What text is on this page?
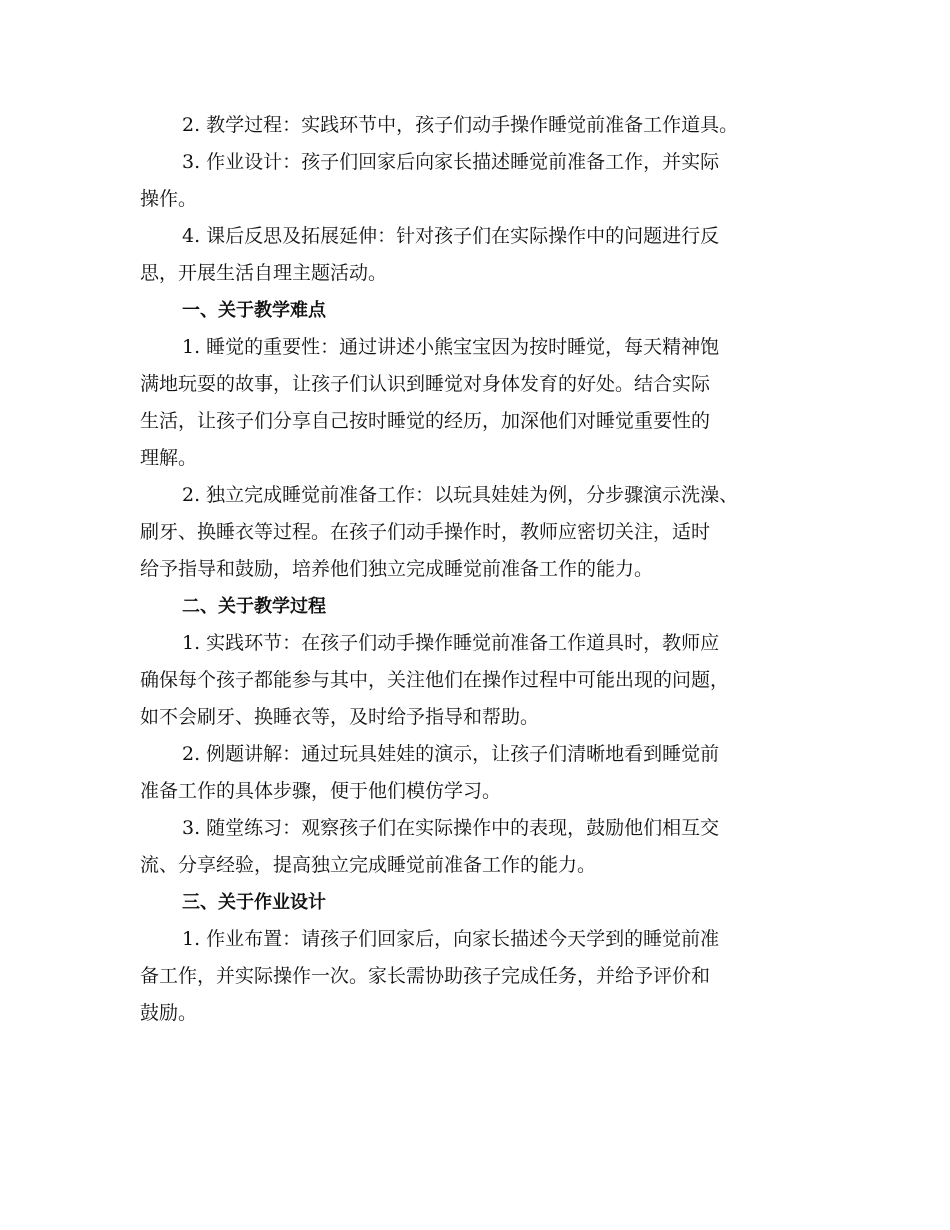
2. 教学过程：实践环节中，孩子们动手操作睡觉前准备工作道具。
3. 作业设计：孩子们回家后向家长描述睡觉前准备工作，并实际
操作。
4. 课后反思及拓展延伸：针对孩子们在实际操作中的问题进行反
思，开展生活自理主题活动。
一、关于教学难点
1. 睡觉的重要性：通过讲述小熊宝宝因为按时睡觉，每天精神饱
满地玩耍的故事，让孩子们认识到睡觉对身体发育的好处。结合实际
生活，让孩子们分享自己按时睡觉的经历，加深他们对睡觉重要性的
理解。
2. 独立完成睡觉前准备工作：以玩具娃娃为例，分步骤演示洗澡、
刷牙、换睡衣等过程。在孩子们动手操作时，教师应密切关注，适时
给予指导和鼓励，培养他们独立完成睡觉前准备工作的能力。
二、关于教学过程
1. 实践环节：在孩子们动手操作睡觉前准备工作道具时，教师应
确保每个孩子都能参与其中，关注他们在操作过程中可能出现的问题，
如不会刷牙、换睡衣等，及时给予指导和帮助。
2. 例题讲解：通过玩具娃娃的演示，让孩子们清晰地看到睡觉前
准备工作的具体步骤，便于他们模仿学习。
3. 随堂练习：观察孩子们在实际操作中的表现，鼓励他们相互交
流、分享经验，提高独立完成睡觉前准备工作的能力。
三、关于作业设计
1. 作业布置：请孩子们回家后，向家长描述今天学到的睡觉前准
备工作，并实际操作一次。家长需协助孩子完成任务，并给予评价和
鼓励。
